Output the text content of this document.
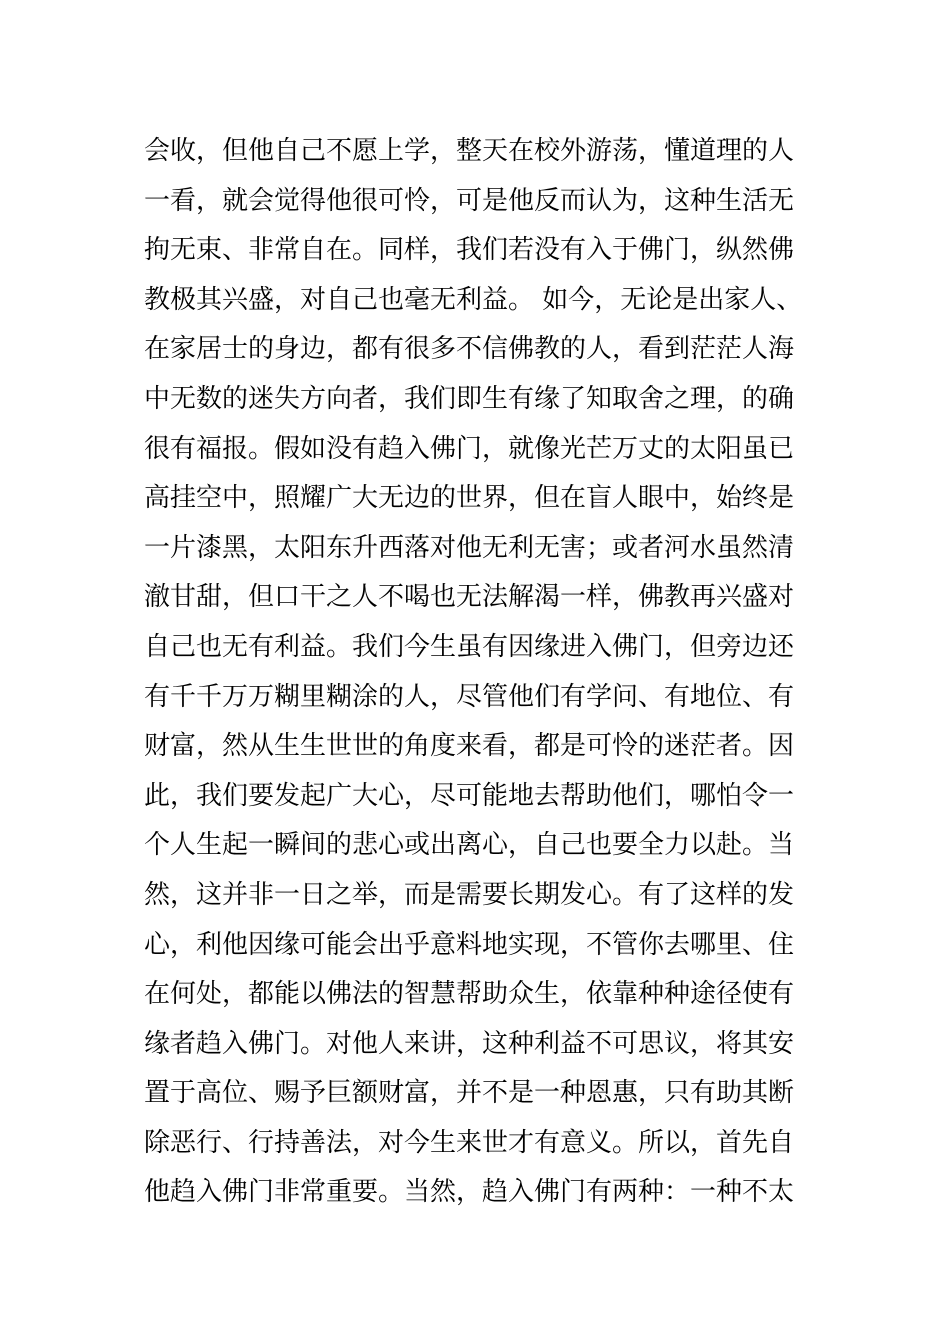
会收，但他自己不愿上学，整天在校外游荡，懂道理的人
一看，就会觉得他很可怜，可是他反而认为，这种生活无
拘无束、非常自在。同样，我们若没有入于佛门，纵然佛
教极其兴盛，对自己也毫无利益。 如今，无论是出家人、
在家居士的身边，都有很多不信佛教的人，看到茫茫人海
中无数的迷失方向者，我们即生有缘了知取舍之理，的确
很有福报。假如没有趋入佛门，就像光芒万丈的太阳虽已
高挂空中，照耀广大无边的世界，但在盲人眼中，始终是
一片漆黑，太阳东升西落对他无利无害；或者河水虽然清
澈甘甜，但口干之人不喝也无法解渴一样，佛教再兴盛对
自己也无有利益。我们今生虽有因缘进入佛门，但旁边还
有千千万万糊里糊涂的人，尽管他们有学问、有地位、有
财富，然从生生世世的角度来看，都是可怜的迷茫者。因
此，我们要发起广大心，尽可能地去帮助他们，哪怕令一
个人生起一瞬间的悲心或出离心，自己也要全力以赴。当
然，这并非一日之举，而是需要长期发心。有了这样的发
心，利他因缘可能会出乎意料地实现，不管你去哪里、住
在何处，都能以佛法的智慧帮助众生，依靠种种途径使有
缘者趋入佛门。对他人来讲，这种利益不可思议，将其安
置于高位、赐予巨额财富，并不是一种恩惠，只有助其断
除恶行、行持善法，对今生来世才有意义。所以，首先自
他趋入佛门非常重要。当然，趋入佛门有两种：一种不太
